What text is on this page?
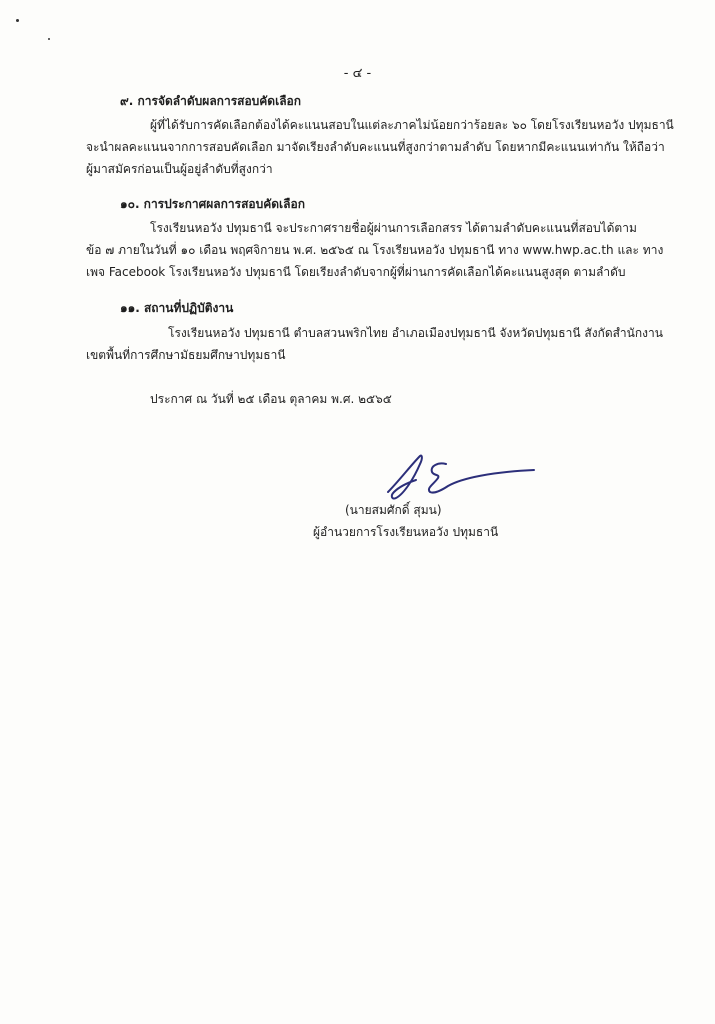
- ๔ -
๙. การจัดลำดับผลการสอบคัดเลือก
ผู้ที่ได้รับการคัดเลือกต้องได้คะแนนสอบในแต่ละภาคไม่น้อยกว่าร้อยละ ๖๐ โดยโรงเรียนหอวัง ปทุมธานี
จะนำผลคะแนนจากการสอบคัดเลือก มาจัดเรียงลำดับคะแนนที่สูงกว่าตามลำดับ โดยหากมีคะแนนเท่ากัน ให้ถือว่า
ผู้มาสมัครก่อนเป็นผู้อยู่ลำดับที่สูงกว่า
๑๐. การประกาศผลการสอบคัดเลือก
โรงเรียนหอวัง ปทุมธานี จะประกาศรายชื่อผู้ผ่านการเลือกสรร ได้ตามลำดับคะแนนที่สอบได้ตาม
ข้อ ๗ ภายในวันที่ ๑๐ เดือน พฤศจิกายน พ.ศ. ๒๕๖๕ ณ โรงเรียนหอวัง ปทุมธานี ทาง www.hwp.ac.th และ ทาง
เพจ Facebook โรงเรียนหอวัง ปทุมธานี โดยเรียงลำดับจากผู้ที่ผ่านการคัดเลือกได้คะแนนสูงสุด ตามลำดับ
๑๑. สถานที่ปฏิบัติงาน
โรงเรียนหอวัง ปทุมธานี ตำบลสวนพริกไทย อำเภอเมืองปทุมธานี จังหวัดปทุมธานี สังกัดสำนักงาน
เขตพื้นที่การศึกษามัธยมศึกษาปทุมธานี
ประกาศ ณ วันที่ ๒๕ เดือน ตุลาคม พ.ศ. ๒๕๖๕
(นายสมศักดิ์ สุมน)
ผู้อำนวยการโรงเรียนหอวัง ปทุมธานี
